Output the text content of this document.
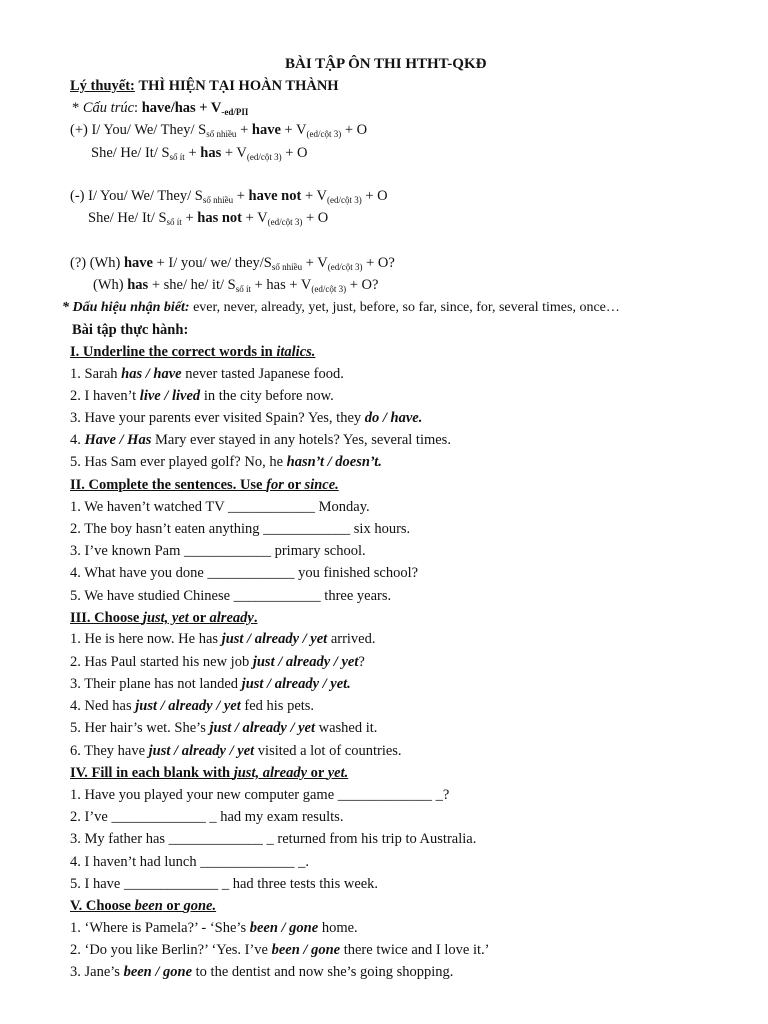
BÀI TẬP ÔN THI HTHT-QKĐ
Lý thuyết: THÌ HIỆN TẠI HOÀN THÀNH
* Cấu trúc: have/has + $V_{-ed/PII}$
(+) I/ You/ We/ They/ $S_{số nhiều}$ + have + $V_{(ed/cột 3)} + O$
She/ He/ It/ $S_{số ít}$ + has + $V_{(ed/cột 3)} + O$
(-) I/ You/ We/ They/ $S_{số nhiều}$ + have not + $V_{(ed/cột 3)} + O$
She/ He/ It/ $S_{số ít}$ + has not + $V_{(ed/cột 3)} + O$
(?) (Wh) have + I/ you/ we/ they/$S_{số nhiều} + V_{(ed/cột 3)} + O$?
(Wh) has + she/ he/ it/ $S_{số ít}$ + has + $V_{(ed/cột 3)} + O$?
* Dấu hiệu nhận biết: ever, never, already, yet, just, before, so far, since, for, several times, once…
Bài tập thực hành:
I. Underline the correct words in italics.
1. Sarah has / have never tasted Japanese food.
2. I haven’t live / lived in the city before now.
3. Have your parents ever visited Spain? Yes, they do / have.
4. Have / Has Mary ever stayed in any hotels? Yes, several times.
5. Has Sam ever played golf? No, he hasn’t / doesn’t.
II. Complete the sentences. Use for or since.
1. We haven’t watched TV ____________ Monday.
2. The boy hasn’t eaten anything ____________ six hours.
3. I’ve known Pam ____________ primary school.
4. What have you done ____________ you finished school?
5. We have studied Chinese ____________ three years.
III. Choose just, yet or already.
1. He is here now. He has just / already / yet arrived.
2. Has Paul started his new job just / already / yet?
3. Their plane has not landed just / already / yet.
4. Ned has just / already / yet fed his pets.
5. Her hair’s wet. She’s just / already / yet washed it.
6. They have just / already / yet visited a lot of countries.
IV. Fill in each blank with just, already or yet.
1. Have you played your new computer game _____________ _?
2. I’ve _____________ _ had my exam results.
3. My father has _____________ _ returned from his trip to Australia.
4. I haven’t had lunch _____________ _.
5. I have _____________ _ had three tests this week.
V. Choose been or gone.
1. ‘Where is Pamela?’ - ‘She’s been / gone home.
2. ‘Do you like Berlin?’ ‘Yes. I’ve been / gone there twice and I love it.’
3. Jane’s been / gone to the dentist and now she’s going shopping.
